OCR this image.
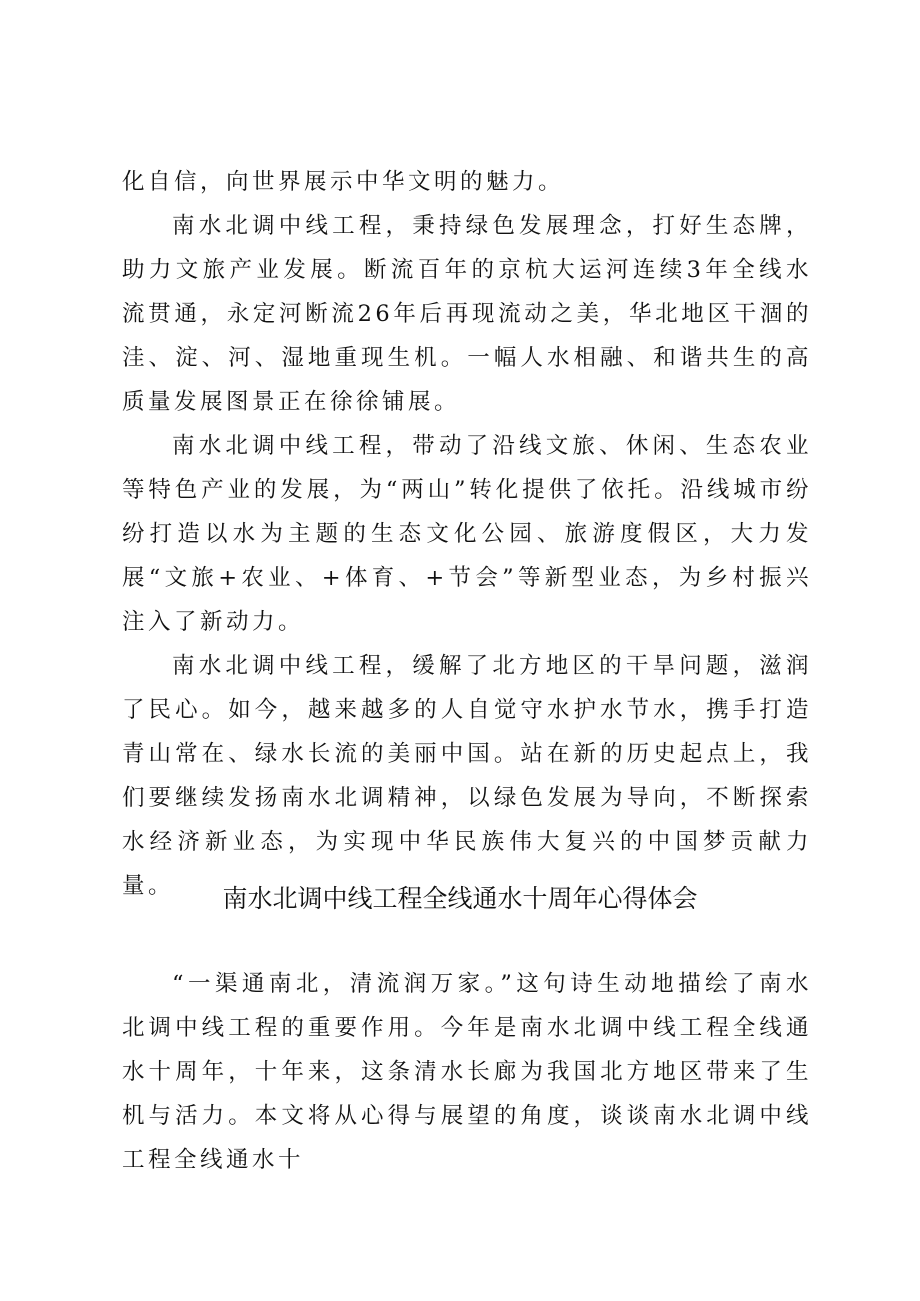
化自信，向世界展示中华文明的魅力。

南水北调中线工程，秉持绿色发展理念，打好生态牌，助力文旅产业发展。断流百年的京杭大运河连续3年全线水流贯通，永定河断流26年后再现流动之美，华北地区干涸的洼、淀、河、湿地重现生机。一幅人水相融、和谐共生的高质量发展图景正在徐徐铺展。

南水北调中线工程，带动了沿线文旅、休闲、生态农业等特色产业的发展，为“两山”转化提供了依托。沿线城市纷纷打造以水为主题的生态文化公园、旅游度假区，大力发展“文旅+农业、+体育、+节会”等新型业态，为乡村振兴注入了新动力。

南水北调中线工程，缓解了北方地区的干旱问题，滋润了民心。如今，越来越多的人自觉守水护水节水，携手打造青山常在、绿水长流的美丽中国。站在新的历史起点上，我们要继续发扬南水北调精神，以绿色发展为导向，不断探索水经济新业态，为实现中华民族伟大复兴的中国梦贡献力量。	南水北调中线工程全线通水十周年心得体会

“一渠通南北，清流润万家。”这句诗生动地描绘了南水北调中线工程的重要作用。今年是南水北调中线工程全线通水十周年，十年来，这条清水长廊为我国北方地区带来了生机与活力。本文将从心得与展望的角度，谈谈南水北调中线工程全线通水十
